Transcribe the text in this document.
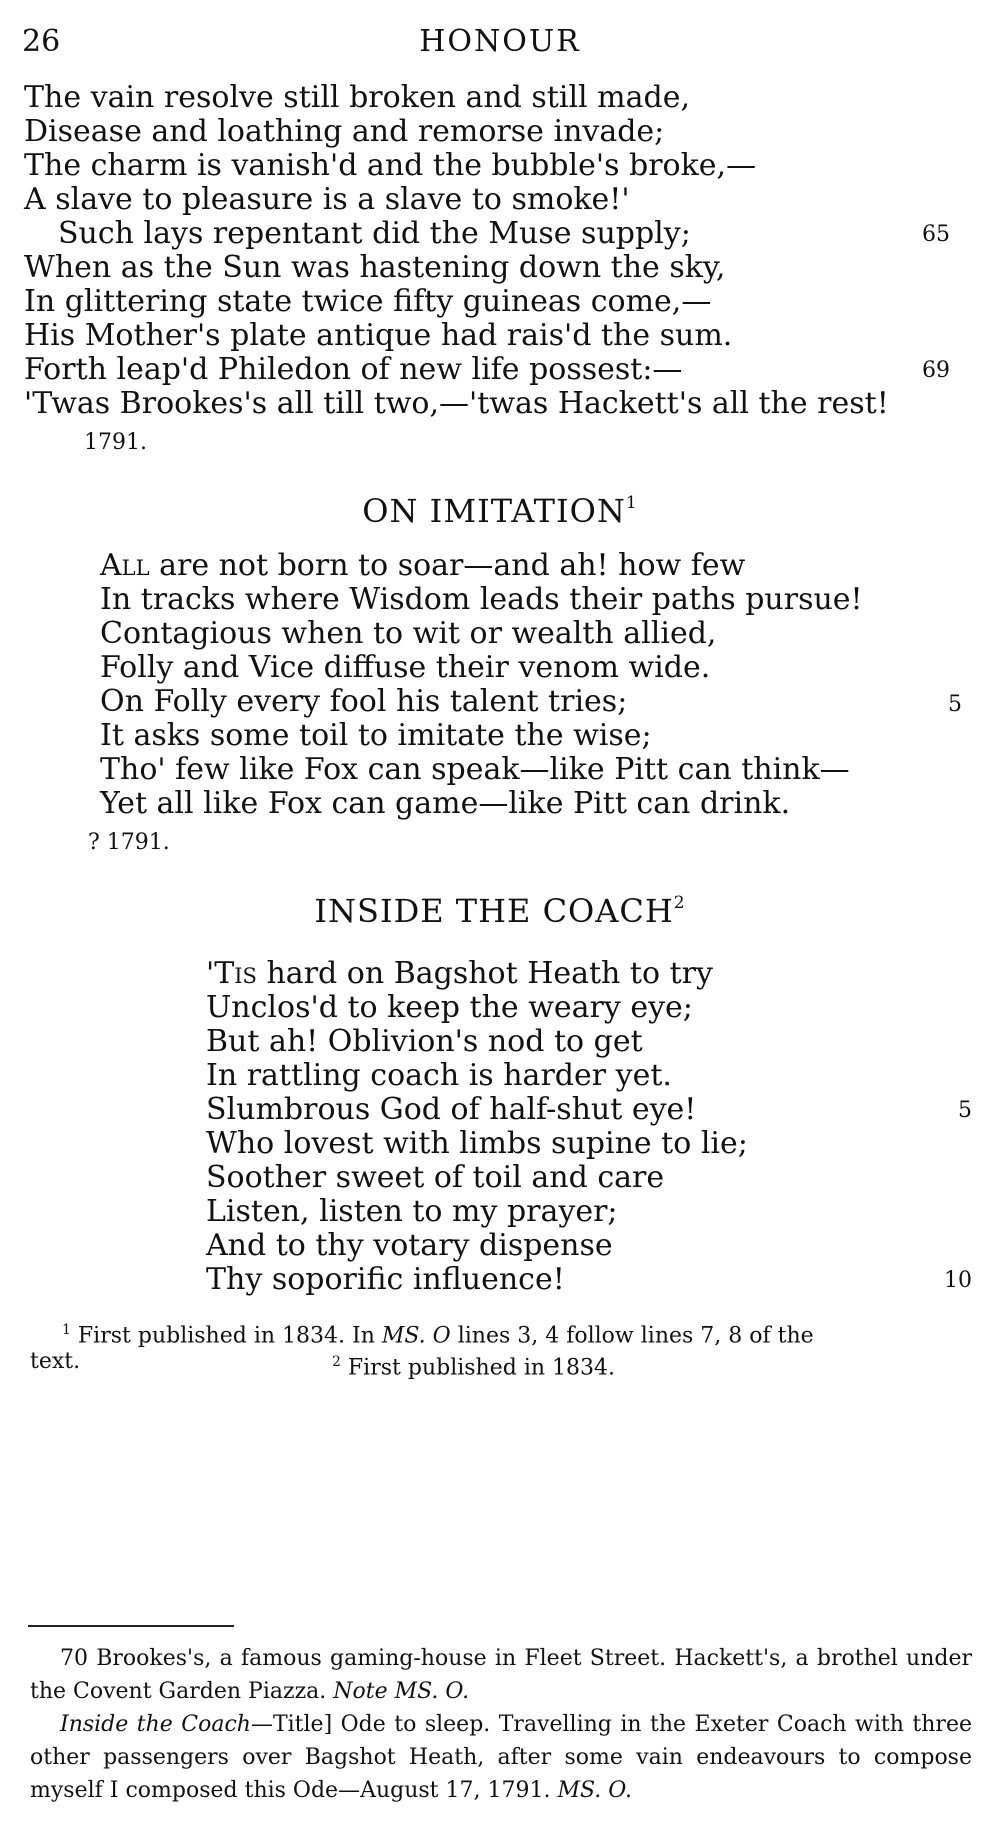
26	HONOUR
The vain resolve still broken and still made,
Disease and loathing and remorse invade;
The charm is vanish'd and the bubble's broke,—
A slave to pleasure is a slave to smoke!'
Such lays repentant did the Muse supply;	65
When as the Sun was hastening down the sky,
In glittering state twice fifty guineas come,—
His Mother's plate antique had rais'd the sum.
Forth leap'd Philedon of new life possest:—	69
'Twas Brookes's all till two,—'twas Hackett's all the rest!
1791.
ON IMITATION$^1$
All are not born to soar—and ah! how few
In tracks where Wisdom leads their paths pursue!
Contagious when to wit or wealth allied,
Folly and Vice diffuse their venom wide.
On Folly every fool his talent tries;	5
It asks some toil to imitate the wise;
Tho' few like Fox can speak—like Pitt can think—
Yet all like Fox can game—like Pitt can drink.
? 1791.
INSIDE THE COACH$^2$
'Tis hard on Bagshot Heath to try
Unclos'd to keep the weary eye;
But ah! Oblivion's nod to get
In rattling coach is harder yet.
Slumbrous God of half-shut eye!	5
Who lovest with limbs supine to lie;
Soother sweet of toil and care
Listen, listen to my prayer;
And to thy votary dispense
Thy soporific influence!	10
$^1$ First published in 1834. In MS. O lines 3, 4 follow lines 7, 8 of the
text.	$^2$ First published in 1834.
70 Brookes's, a famous gaming-house in Fleet Street. Hackett's, a brothel under the Covent Garden Piazza. Note MS. O.
Inside the Coach—Title] Ode to sleep. Travelling in the Exeter Coach with three other passengers over Bagshot Heath, after some vain endeavours to compose myself I composed this Ode—August 17, 1791. MS. O.
